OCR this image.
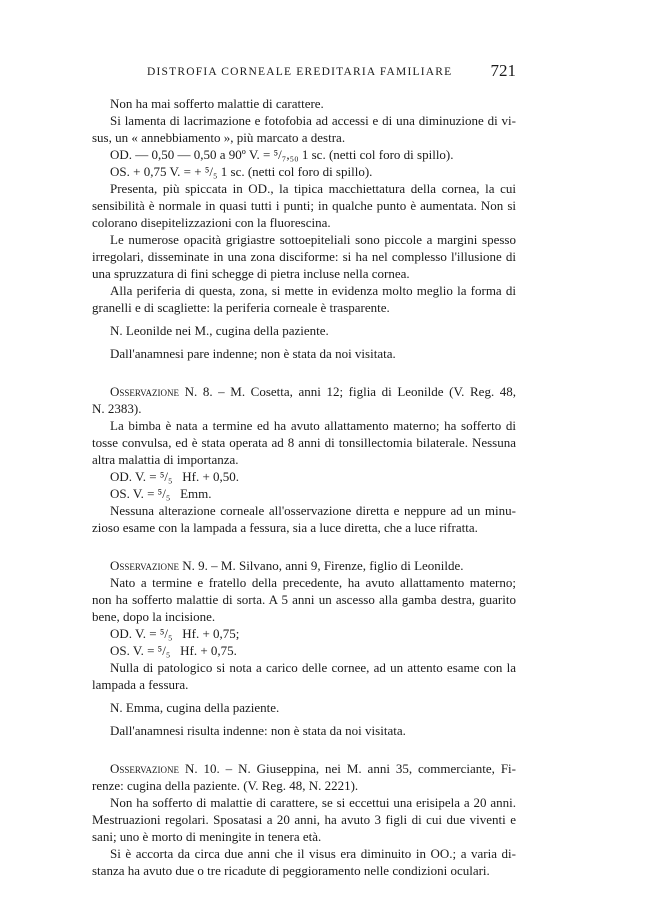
DISTROFIA CORNEALE EREDITARIA FAMILIARE 721
Non ha mai sofferto malattie di carattere.
Si lamenta di lacrimazione e fotofobia ad accessi e di una diminuzione di vi-
sus, un « annebbiamento », più marcato a destra.
OD. — 0,50 — 0,50 a 90º V. = ⁵/₇,₅₀ 1 sc. (netti col foro di spillo).
OS. + 0,75 V. = + ⁵/₅ 1 sc. (netti col foro di spillo).
Presenta, più spiccata in OD., la tipica macchiettatura della cornea, la cui
sensibilità è normale in quasi tutti i punti; in qualche punto è aumentata. Non si
colorano disepitelizzazioni con la fluorescina.
Le numerose opacità grigiastre sottoepiteliali sono piccole a margini spesso
irregolari, disseminate in una zona disciforme: si ha nel complesso l'illusione di
una spruzzatura di fini schegge di pietra incluse nella cornea.
Alla periferia di questa, zona, si mette in evidenza molto meglio la forma di
granelli e di scagliette: la periferia corneale è trasparente.
N. Leonilde nei M., cugina della paziente.
Dall'anamnesi pare indenne; non è stata da noi visitata.
Osservazione N. 8. – M. Cosetta, anni 12; figlia di Leonilde (V. Reg. 48,
N. 2383).
La bimba è nata a termine ed ha avuto allattamento materno; ha sofferto di
tosse convulsa, ed è stata operata ad 8 anni di tonsillectomia bilaterale. Nessuna
altra malattia di importanza.
OD. V. = ⁵/₅   Hf. + 0,50.
OS. V. = ⁵/₅   Emm.
Nessuna alterazione corneale all'osservazione diretta e neppure ad un minu-
zioso esame con la lampada a fessura, sia a luce diretta, che a luce rifratta.
Osservazione N. 9. – M. Silvano, anni 9, Firenze, figlio di Leonilde.
Nato a termine e fratello della precedente, ha avuto allattamento materno;
non ha sofferto malattie di sorta. A 5 anni un ascesso alla gamba destra, guarito
bene, dopo la incisione.
OD. V. = ⁵/₅   Hf. + 0,75;
OS. V. = ⁵/₅   Hf. + 0,75.
Nulla di patologico si nota a carico delle cornee, ad un attento esame con la
lampada a fessura.
N. Emma, cugina della paziente.
Dall'anamnesi risulta indenne: non è stata da noi visitata.
Osservazione N. 10. – N. Giuseppina, nei M. anni 35, commerciante, Fi-
renze: cugina della paziente. (V. Reg. 48, N. 2221).
Non ha sofferto di malattie di carattere, se si eccettui una erisipela a 20 anni.
Mestruazioni regolari. Sposatasi a 20 anni, ha avuto 3 figli di cui due viventi e
sani; uno è morto di meningite in tenera età.
Si è accorta da circa due anni che il visus era diminuito in OO.; a varia di-
stanza ha avuto due o tre ricadute di peggioramento nelle condizioni oculari.
